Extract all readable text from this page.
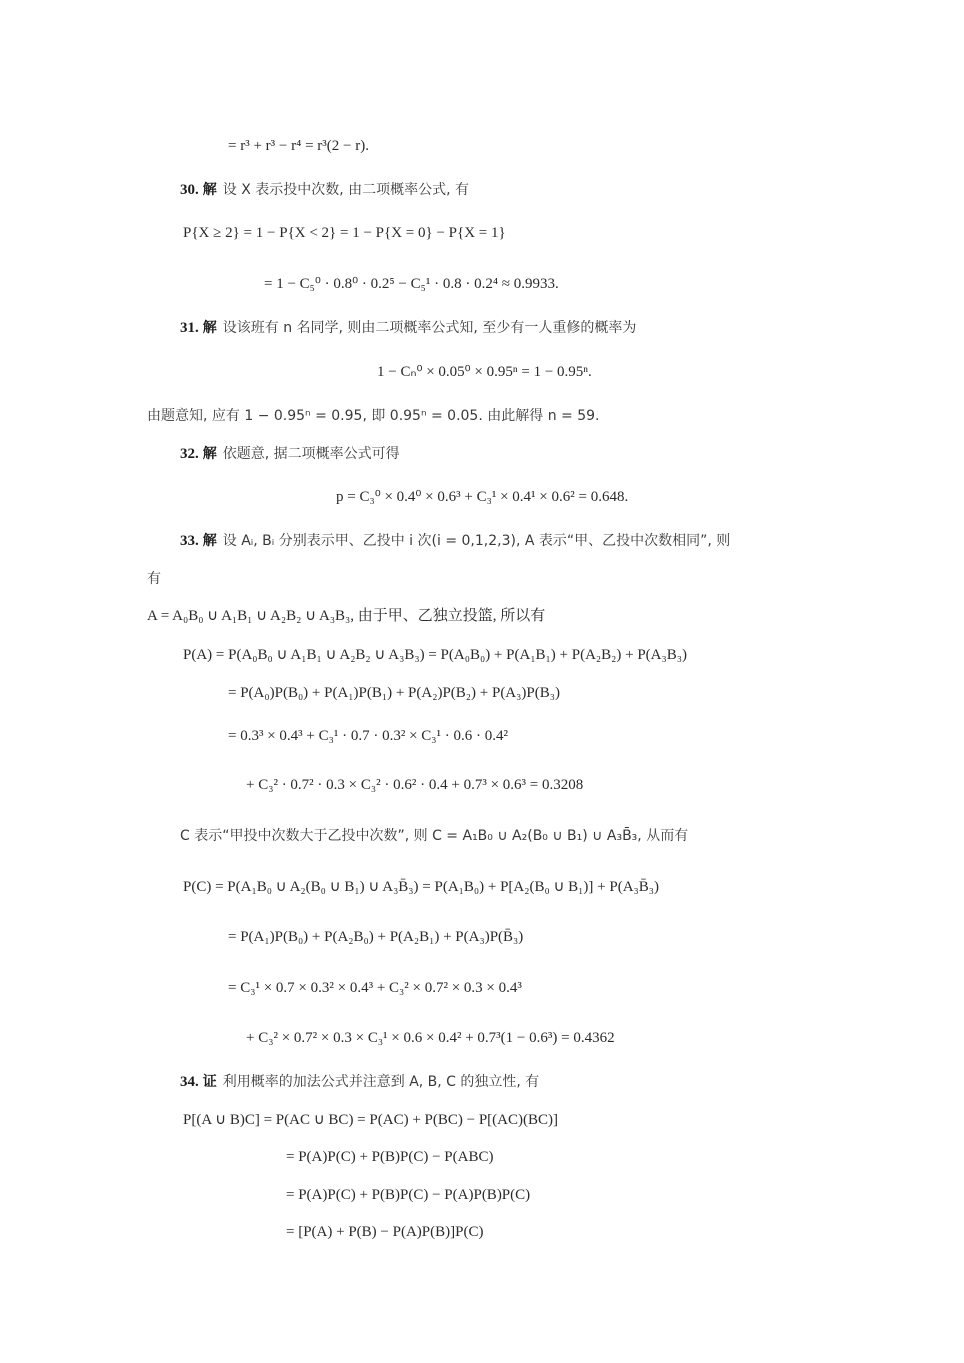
= r³ + r³ − r⁴ = r³(2 − r).
30. 解 设 X 表示投中次数, 由二项概率公式, 有
P{X ≥ 2} = 1 − P{X < 2} = 1 − P{X = 0} − P{X = 1}
= 1 − C₅⁰ · 0.8⁰ · 0.2⁵ − C₅¹ · 0.8 · 0.2⁴ ≈ 0.9933.
31. 解 设该班有 n 名同学, 则由二项概率公式知, 至少有一人重修的概率为
1 − Cₙ⁰ × 0.05⁰ × 0.95ⁿ = 1 − 0.95ⁿ.
由题意知, 应有 1 − 0.95ⁿ = 0.95, 即 0.95ⁿ = 0.05. 由此解得 n = 59.
32. 解 依题意, 据二项概率公式可得
p = C₃⁰ × 0.4⁰ × 0.6³ + C₃¹ × 0.4¹ × 0.6² = 0.648.
33. 解 设 Aᵢ, Bᵢ 分别表示甲、乙投中 i 次(i = 0,1,2,3), A 表示“甲、乙投中次数相同”, 则
有
A = A₀B₀ ∪ A₁B₁ ∪ A₂B₂ ∪ A₃B₃, 由于甲、乙独立投篮, 所以有
P(A) = P(A₀B₀ ∪ A₁B₁ ∪ A₂B₂ ∪ A₃B₃) = P(A₀B₀) + P(A₁B₁) + P(A₂B₂) + P(A₃B₃)
= P(A₀)P(B₀) + P(A₁)P(B₁) + P(A₂)P(B₂) + P(A₃)P(B₃)
= 0.3³ × 0.4³ + C₃¹ · 0.7 · 0.3² × C₃¹ · 0.6 · 0.4²
+ C₃² · 0.7² · 0.3 × C₃² · 0.6² · 0.4 + 0.7³ × 0.6³ = 0.3208
C 表示“甲投中次数大于乙投中次数”, 则 C = A₁B₀ ∪ A₂(B₀ ∪ B₁) ∪ A₃B̄₃, 从而有
P(C) = P(A₁B₀ ∪ A₂(B₀ ∪ B₁) ∪ A₃B̄₃) = P(A₁B₀) + P[A₂(B₀ ∪ B₁)] + P(A₃B̄₃)
= P(A₁)P(B₀) + P(A₂B₀) + P(A₂B₁) + P(A₃)P(B̄₃)
= C₃¹ × 0.7 × 0.3² × 0.4³ + C₃² × 0.7² × 0.3 × 0.4³
+ C₃² × 0.7² × 0.3 × C₃¹ × 0.6 × 0.4² + 0.7³(1 − 0.6³) = 0.4362
34. 证 利用概率的加法公式并注意到 A, B, C 的独立性, 有
P[(A ∪ B)C] = P(AC ∪ BC) = P(AC) + P(BC) − P[(AC)(BC)]
= P(A)P(C) + P(B)P(C) − P(ABC)
= P(A)P(C) + P(B)P(C) − P(A)P(B)P(C)
= [P(A) + P(B) − P(A)P(B)]P(C)
